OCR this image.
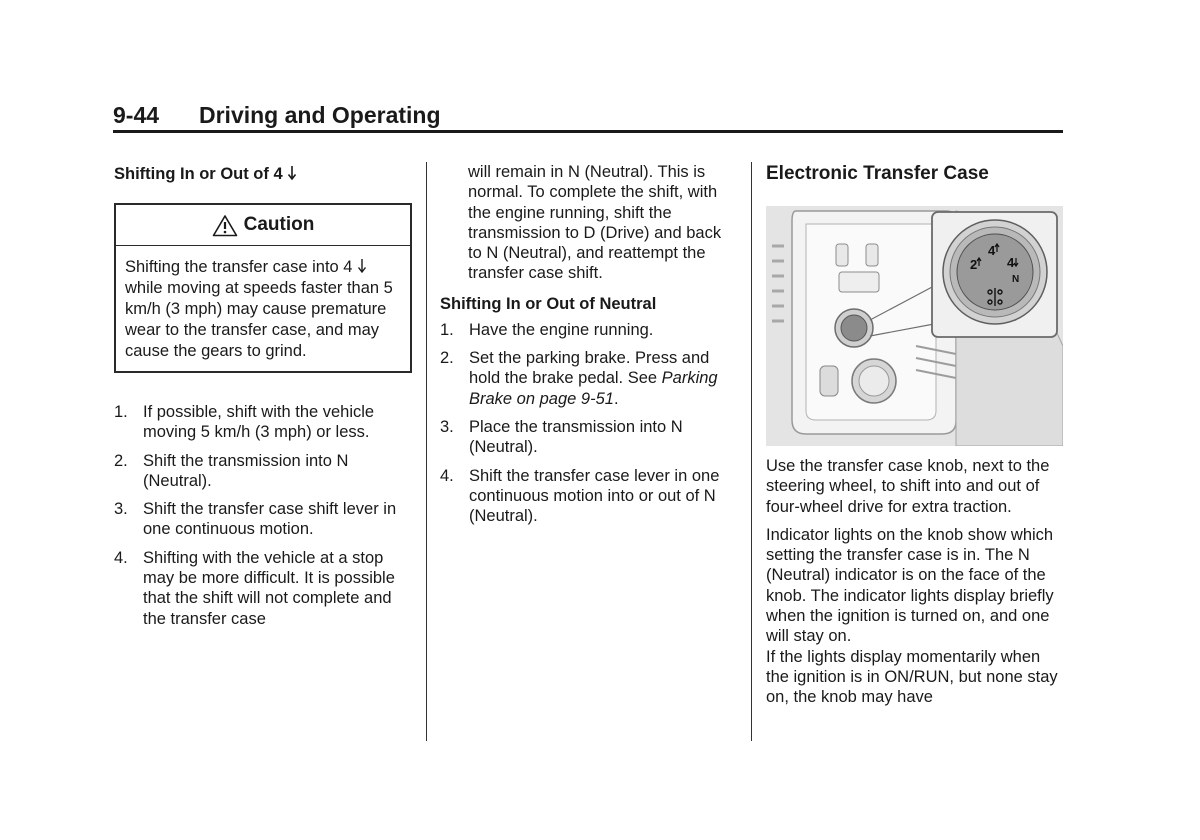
9-44 Driving and Operating

Shifting In or Out of 4

Caution
Shifting the transfer case into 4  while moving at speeds faster than 5 km/h (3 mph) may cause premature wear to the transfer case, and may cause the gears to grind.
1. If possible, shift with the vehicle moving 5 km/h (3 mph) or less.
2. Shift the transmission into N (Neutral).
3. Shift the transfer case shift lever in one continuous motion.
4. Shifting with the vehicle at a stop may be more difficult. It is possible that the shift will not complete and the transfer case

will remain in N (Neutral). This is normal. To complete the shift, with the engine running, shift the transmission to D (Drive) and back to N (Neutral), and reattempt the transfer case shift.

Shifting In or Out of Neutral

1. Have the engine running.
2. Set the parking brake. Press and hold the brake pedal. See Parking Brake on page 9-51.
3. Place the transmission into N (Neutral).
4. Shift the transfer case lever in one continuous motion into or out of N (Neutral).

Electronic Transfer Case

2
4
4
N

Use the transfer case knob, next to the steering wheel, to shift into and out of four-wheel drive for extra traction.

Indicator lights on the knob show which setting the transfer case is in. The N (Neutral) indicator is on the face of the knob. The indicator lights display briefly when the ignition is turned on, and one will stay on.

If the lights display momentarily when the ignition is in ON/RUN, but none stay on, the knob may have
